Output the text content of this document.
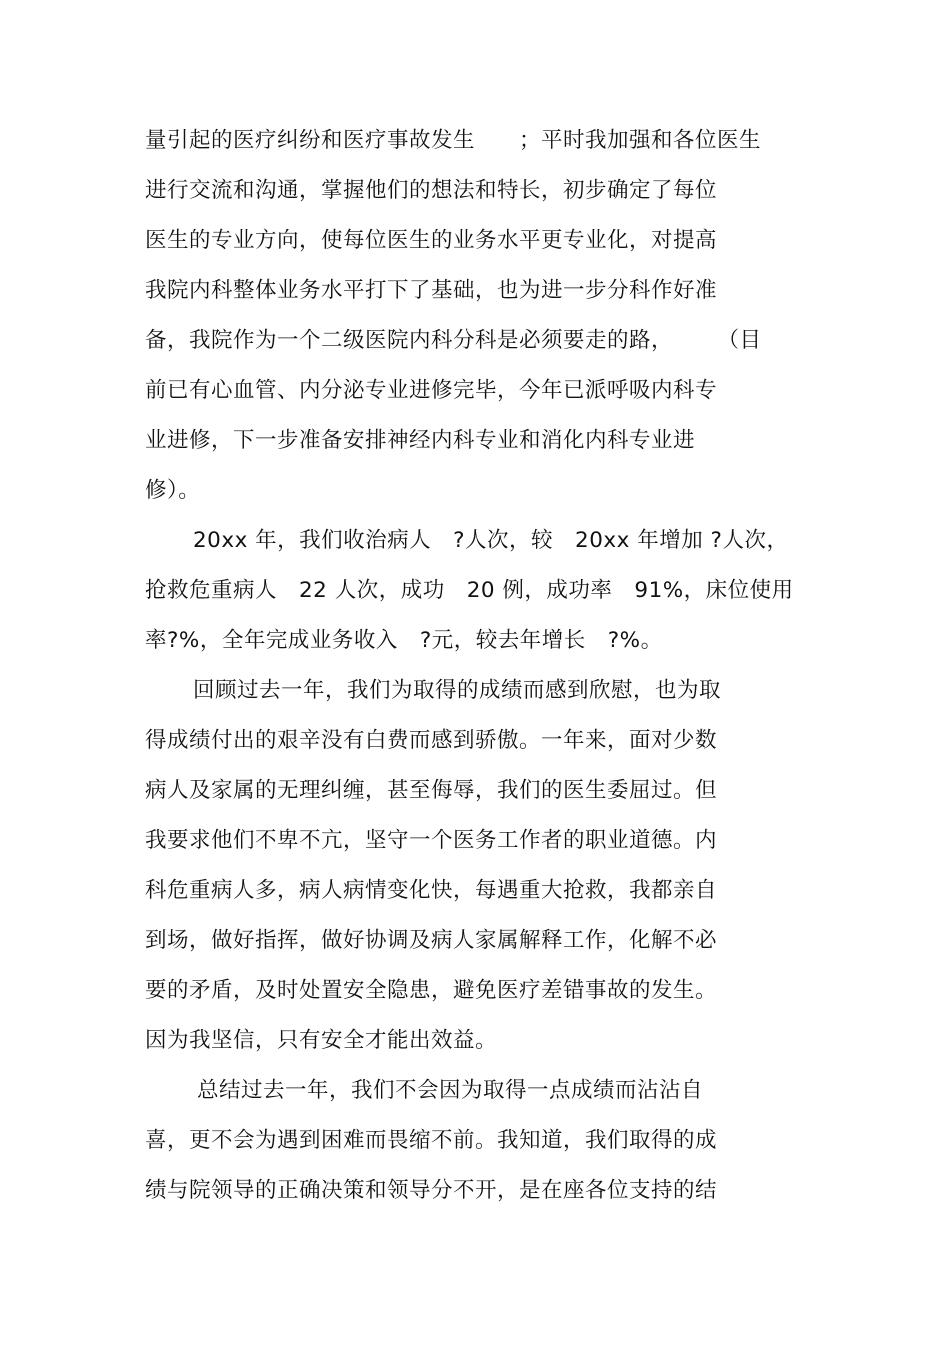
量引起的医疗纠纷和医疗事故发生　　；平时我加强和各位医生
进行交流和沟通，掌握他们的想法和特长，初步确定了每位
医生的专业方向，使每位医生的业务水平更专业化，对提高
我院内科整体业务水平打下了基础，也为进一步分科作好准
备，我院作为一个二级医院内科分科是必须要走的路，　　　（目
前已有心血管、内分泌专业进修完毕，今年已派呼吸内科专
业进修，下一步准备安排神经内科专业和消化内科专业进
修）。
20xx 年，我们收治病人　?人次，较　20xx 年增加 ?人次，
抢救危重病人　22 人次，成功　20 例，成功率　91%，床位使用
率?%，全年完成业务收入　?元，较去年增长　?%。
回顾过去一年，我们为取得的成绩而感到欣慰，也为取
得成绩付出的艰辛没有白费而感到骄傲。一年来，面对少数
病人及家属的无理纠缠，甚至侮辱，我们的医生委屈过。但
我要求他们不卑不亢，坚守一个医务工作者的职业道德。内
科危重病人多，病人病情变化快，每遇重大抢救，我都亲自
到场，做好指挥，做好协调及病人家属解释工作，化解不必
要的矛盾，及时处置安全隐患，避免医疗差错事故的发生。
因为我坚信，只有安全才能出效益。
总结过去一年，我们不会因为取得一点成绩而沾沾自
喜，更不会为遇到困难而畏缩不前。我知道，我们取得的成
绩与院领导的正确决策和领导分不开，是在座各位支持的结
